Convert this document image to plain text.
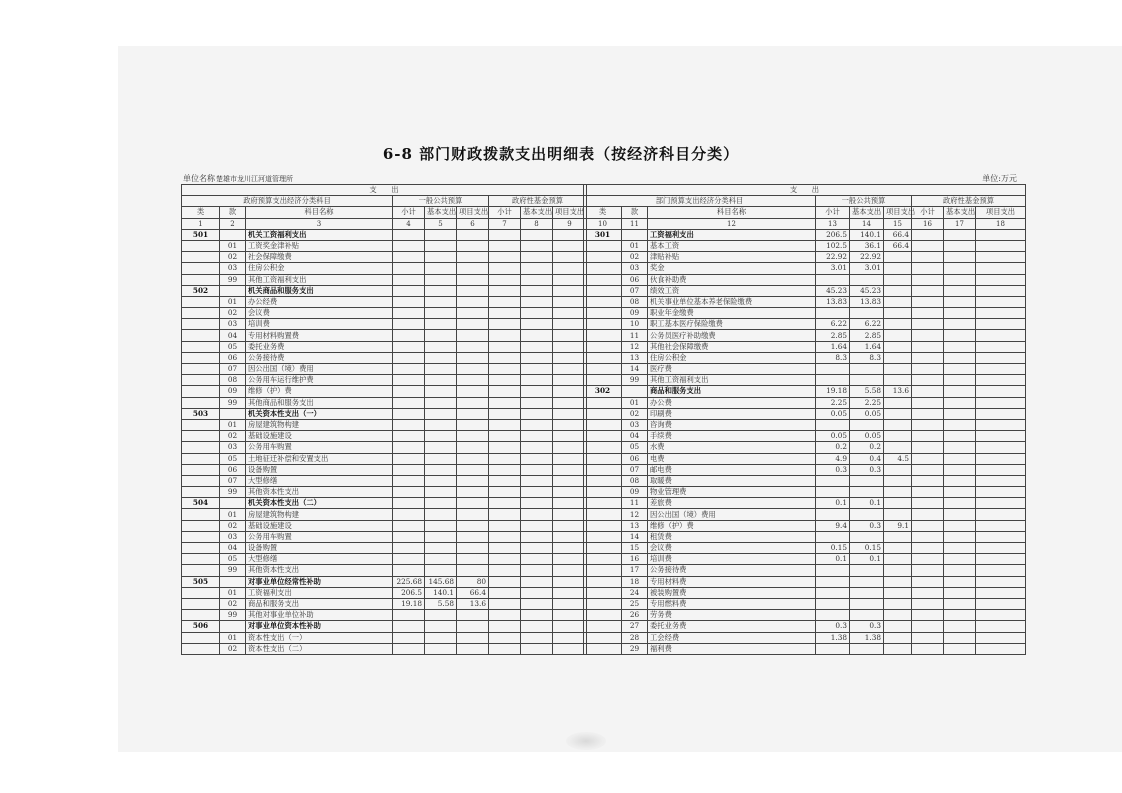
6-8 部门财政拨款支出明细表（按经济科目分类）
单位名称楚雄市龙川江河道管理所	单位:万元
支　　出								
政府预算支出经济分类科目			一般公共预算			政府性基金预算		
类	款	科目名称	小计	基本支出	项目支出	小计	基本支出	项目支出
1	2	3	4	5	6	7	8	9
501		机关工资福利支出						
	01	工资奖金津补贴						
	02	社会保障缴费						
	03	住房公积金						
	99	其他工资福利支出						
502		机关商品和服务支出						
	01	办公经费						
	02	会议费						
	03	培训费						
	04	专用材料购置费						
	05	委托业务费						
	06	公务接待费						
	07	因公出国（境）费用						
	08	公务用车运行维护费						
	09	维修（护）费						
	99	其他商品和服务支出						
503		机关资本性支出（一）						
	01	房屋建筑物构建						
	02	基础设施建设						
	03	公务用车购置						
	05	土地征迁补偿和安置支出						
	06	设备购置						
	07	大型修缮						
	99	其他资本性支出						
504		机关资本性支出（二）						
	01	房屋建筑物构建						
	02	基础设施建设						
	03	公务用车购置						
	04	设备购置						
	05	大型修缮						
	99	其他资本性支出						
505		对事业单位经常性补助	225.68	145.68	80			
	01	工资福利支出	206.5	140.1	66.4			
	02	商品和服务支出	19.18	5.58	13.6			
	99	其他对事业单位补助						
506		对事业单位资本性补助						
	01	资本性支出（一）						
	02	资本性支出（二）						
支　　出								
部门预算支出经济分类科目			一般公共预算			政府性基金预算		
类	款	科目名称	小计	基本支出	项目支出	小计	基本支出	项目支出
10	11	12	13	14	15	16	17	18
301		工资福利支出	206.5	140.1	66.4			
	01	基本工资	102.5	36.1	66.4			
	02	津贴补贴	22.92	22.92				
	03	奖金	3.01	3.01				
	06	伙食补助费						
	07	绩效工资	45.23	45.23				
	08	机关事业单位基本养老保险缴费	13.83	13.83				
	09	职业年金缴费						
	10	职工基本医疗保险缴费	6.22	6.22				
	11	公务员医疗补助缴费	2.85	2.85				
	12	其他社会保障缴费	1.64	1.64				
	13	住房公积金	8.3	8.3				
	14	医疗费						
	99	其他工资福利支出						
302		商品和服务支出	19.18	5.58	13.6			
	01	办公费	2.25	2.25				
	02	印刷费	0.05	0.05				
	03	咨询费						
	04	手续费	0.05	0.05				
	05	水费	0.2	0.2				
	06	电费	4.9	0.4	4.5			
	07	邮电费	0.3	0.3				
	08	取暖费						
	09	物业管理费						
	11	差旅费	0.1	0.1				
	12	因公出国（境）费用						
	13	维修（护）费	9.4	0.3	9.1			
	14	租赁费						
	15	会议费	0.15	0.15				
	16	培训费	0.1	0.1				
	17	公务接待费						
	18	专用材料费						
	24	被装购置费						
	25	专用燃料费						
	26	劳务费						
	27	委托业务费	0.3	0.3				
	28	工会经费	1.38	1.38				
	29	福利费						
